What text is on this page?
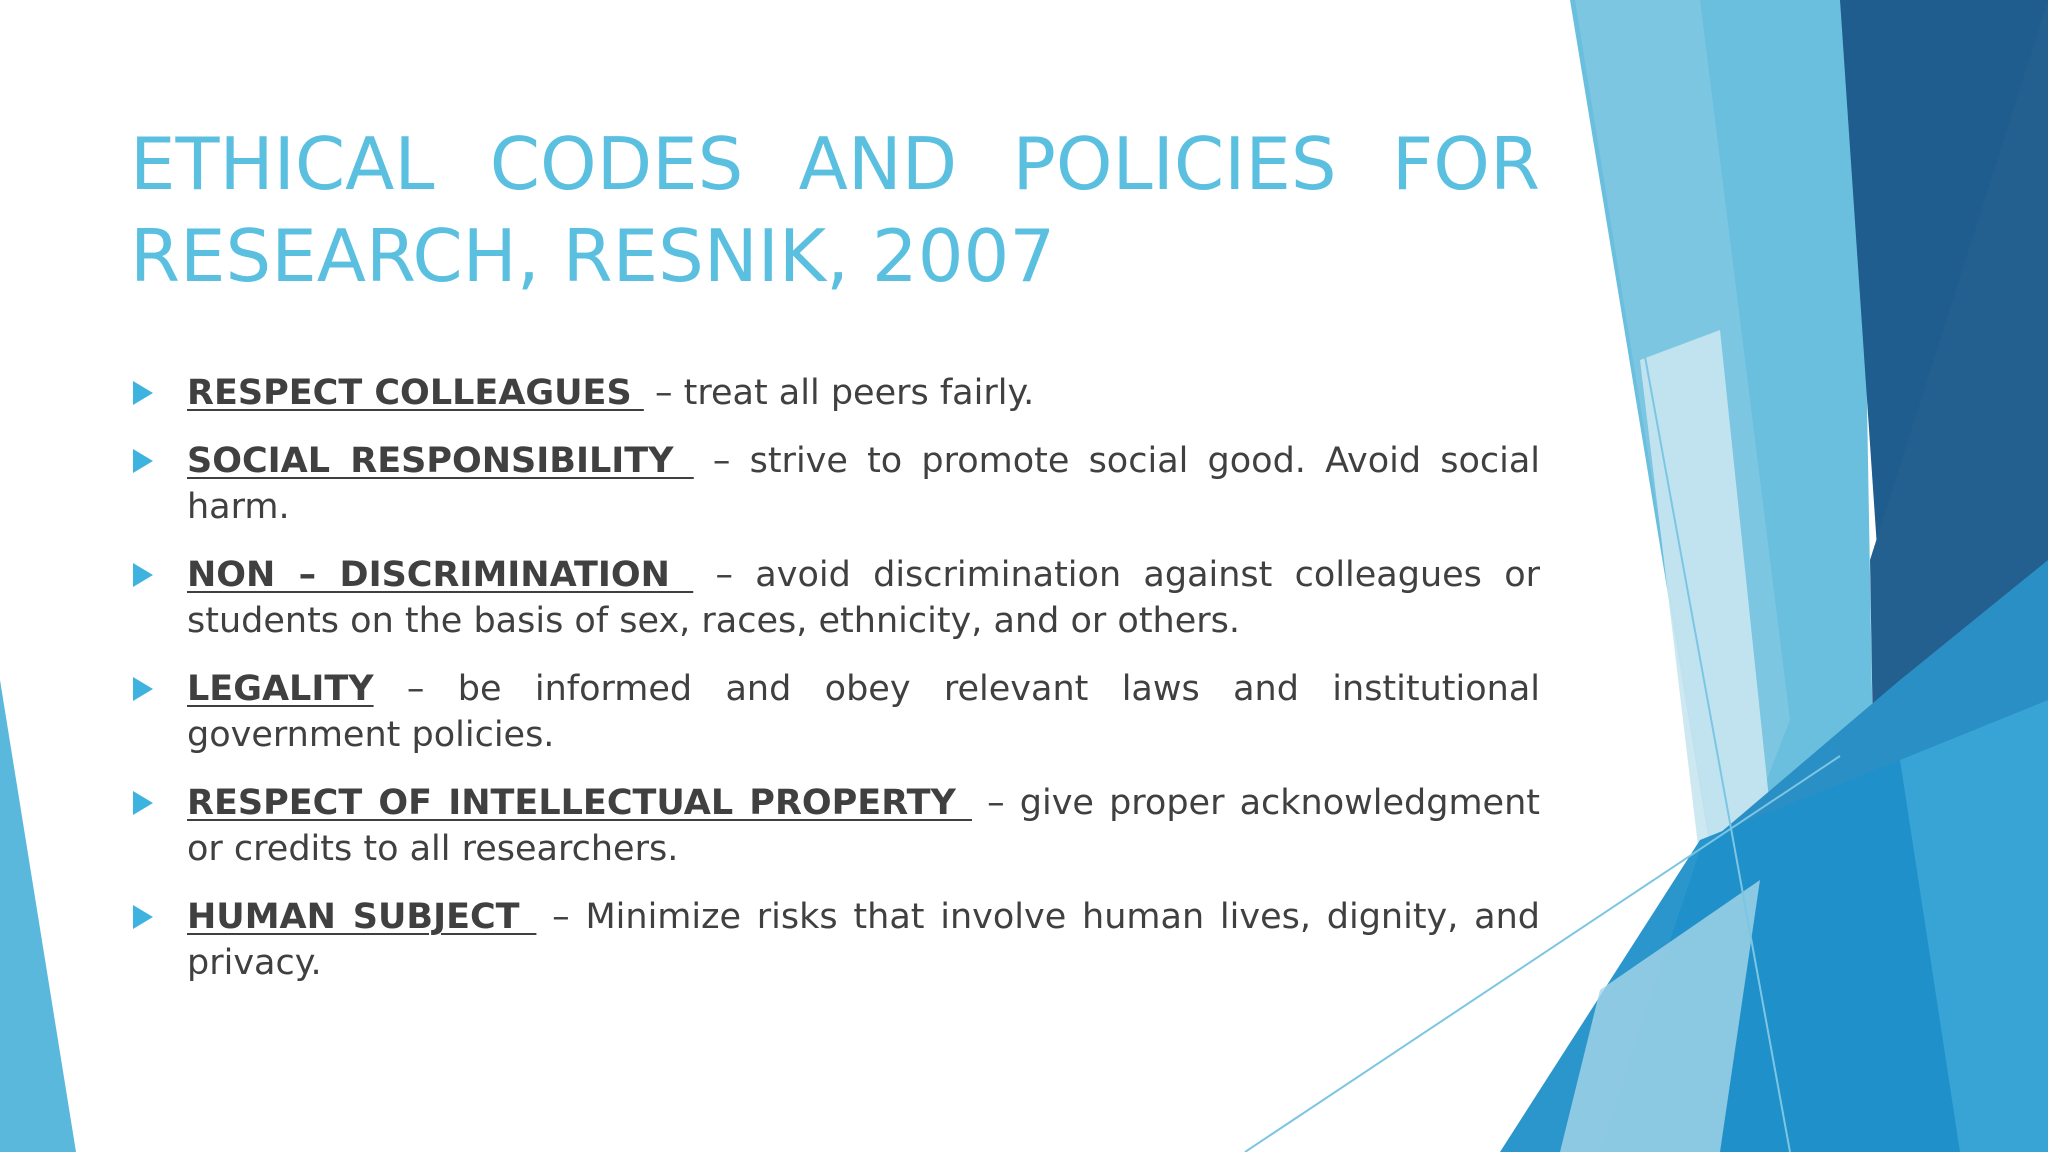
ETHICAL CODES AND POLICIES FOR
RESEARCH, RESNIK, 2007
RESPECT COLLEAGUES  – treat all peers fairly.
SOCIAL RESPONSIBILITY  – strive to promote social good. Avoid social harm.
NON – DISCRIMINATION  – avoid discrimination against colleagues or students on the basis of sex, races, ethnicity, and or others.
LEGALITY – be informed and obey relevant laws and institutional government policies.
RESPECT OF INTELLECTUAL PROPERTY  – give proper acknowledgment or credits to all researchers.
HUMAN SUBJECT  – Minimize risks that involve human lives, dignity, and privacy.
